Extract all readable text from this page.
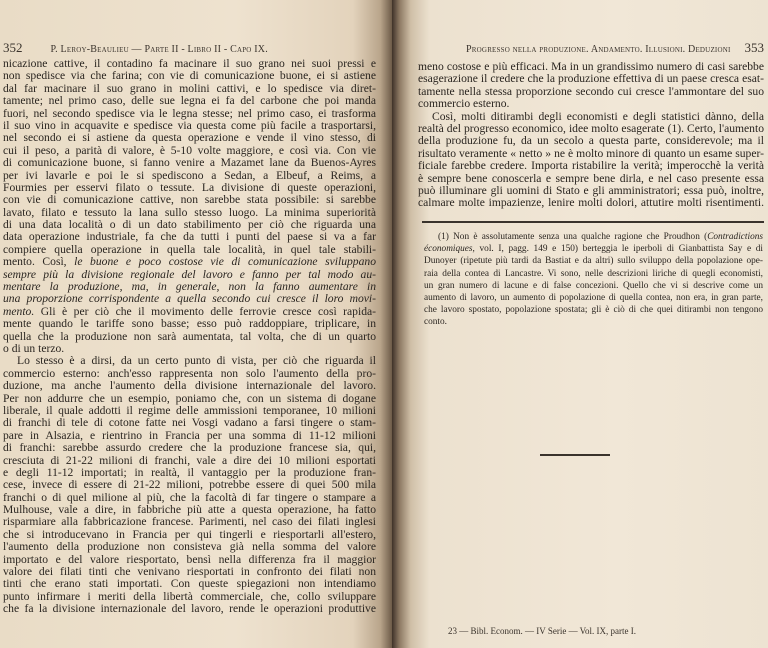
352	P. Leroy-Beaulieu — Parte II - Libro II - Capo IX.
nicazione cattive, il contadino fa macinare il suo grano nei suoi pressi e
non spedisce via che farina; con vie di comunicazione buone, ei si astiene
dal far macinare il suo grano in molini cattivi, e lo spedisce via diret-
tamente; nel primo caso, delle sue legna ei fa del carbone che poi manda
fuori, nel secondo spedisce via le legna stesse; nel primo caso, ei trasforma
il suo vino in acquavite e spedisce via questa come più facile a trasportarsi,
nel secondo ei si astiene da questa operazione e vende il vino stesso, di
cui il peso, a parità di valore, è 5-10 volte maggiore, e così via. Con vie
di comunicazione buone, si fanno venire a Mazamet lane da Buenos-Ayres
per ivi lavarle e poi le si spediscono a Sedan, a Elbeuf, a Reims, a
Fourmies per esservi filato o tessute. La divisione di queste operazioni,
con vie di comunicazione cattive, non sarebbe stata possibile: si sarebbe
lavato, filato e tessuto la lana sullo stesso luogo. La minima superiorità
di una data località o di un dato stabilimento per ciò che riguarda una
data operazione industriale, fa che da tutti i punti del paese si va a far
compiere quella operazione in quella tale località, in quel tale stabili-
mento. Così, le buone e poco costose vie di comunicazione sviluppano
sempre più la divisione regionale del lavoro e fanno per tal modo au-
mentare la produzione, ma, in generale, non la fanno aumentare in
una proporzione corrispondente a quella secondo cui cresce il loro movi-
mento. Gli è per ciò che il movimento delle ferrovie cresce così rapida-
mente quando le tariffe sono basse; esso può raddoppiare, triplicare, in
quella che la produzione non sarà aumentata, tal volta, che di un quarto
o di un terzo.
Lo stesso è a dirsi, da un certo punto di vista, per ciò che riguarda il
commercio esterno: anch'esso rappresenta non solo l'aumento della pro-
duzione, ma anche l'aumento della divisione internazionale del lavoro.
Per non addurre che un esempio, poniamo che, con un sistema di dogane
liberale, il quale addotti il regime delle ammissioni temporanee, 10 milioni
di franchi di tele di cotone fatte nei Vosgi vadano a farsi tingere o stam-
pare in Alsazia, e rientrino in Francia per una somma di 11-12 milioni
di franchi: sarebbe assurdo credere che la produzione francese sia, qui,
cresciuta di 21-22 milioni di franchi, vale a dire dei 10 milioni esportati
e degli 11-12 importati; in realtà, il vantaggio per la produzione fran-
cese, invece di essere di 21-22 milioni, potrebbe essere di quei 500 mila
franchi o di quel milione al più, che la facoltà di far tingere o stampare a
Mulhouse, vale a dire, in fabbriche più atte a questa operazione, ha fatto
risparmiare alla fabbricazione francese. Parimenti, nel caso dei filati inglesi
che si introducevano in Francia per qui tingerli e riesportarli all'estero,
l'aumento della produzione non consisteva già nella somma del valore
importato e del valore riesportato, bensì nella differenza fra il maggior
valore dei filati tinti che venivano riesportati in confronto dei filati non
tinti che erano stati importati. Con queste spiegazioni non intendiamo
punto infirmare i meriti della libertà commerciale, che, collo sviluppare
che fa la divisione internazionale del lavoro, rende le operazioni produttive
Progresso nella produzione. Andamento. Illusioni. Deduzioni 353
meno costose e più efficaci. Ma in un grandissimo numero di casi sarebbe
esagerazione il credere che la produzione effettiva di un paese cresca esat-
tamente nella stessa proporzione secondo cui cresce l'ammontare del suo
commercio esterno.
Così, molti ditirambi degli economisti e degli statistici dànno, della
realtà del progresso economico, idee molto esagerate (1). Certo, l'aumento
della produzione fu, da un secolo a questa parte, considerevole; ma il
risultato veramente « netto » ne è molto minore di quanto un esame super-
ficiale farebbe credere. Importa ristabilire la verità; imperocchè la verità
è sempre bene conoscerla e sempre bene dirla, e nel caso presente essa
può illuminare gli uomini di Stato e gli amministratori; essa può, inoltre,
calmare molte impazienze, lenire molti dolori, attutire molti risentimenti.
(1) Non è assolutamente senza una qualche ragione che Proudhon (Contradictions
économiques, vol. I, pagg. 149 e 150) berteggia le iperboli di Gianbattista Say e di
Dunoyer (ripetute più tardi da Bastiat e da altri) sullo sviluppo della popolazione ope-
raia della contea di Lancastre. Vi sono, nelle descrizioni liriche di quegli economisti,
un gran numero di lacune e di false concezioni. Quello che vi si descrive come un
aumento di lavoro, un aumento di popolazione di quella contea, non era, in gran parte,
che lavoro spostato, popolazione spostata; gli è ciò di che quei ditirambi non tengono
conto.
23 — Bibl. Econom. — IV Serie — Vol. IX, parte I.
